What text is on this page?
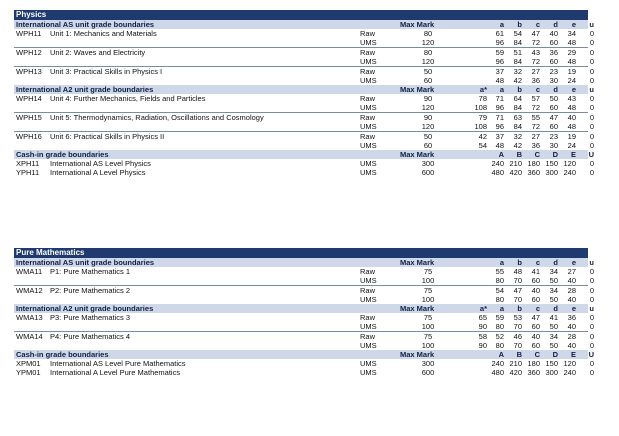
Physics
International AS unit grade boundaries	Max Mark	a	b	c	d	e	u
WPH11 Unit 1: Mechanics and Materials	Raw	80	61	54	47	40	34	0
UMS	120	96	84	72	60	48	0
WPH12 Unit 2: Waves and Electricity	Raw	80	59	51	43	36	29	0
UMS	120	96	84	72	60	48	0
WPH13 Unit 3: Practical Skills in Physics I	Raw	50	37	32	27	23	19	0
UMS	60	48	42	36	30	24	0
International A2 unit grade boundaries	Max Mark	a*	a	b	c	d	e	u
WPH14 Unit 4: Further Mechanics, Fields and Particles	Raw	90	78	71	64	57	50	43	0
UMS	120	108	96	84	72	60	48	0
WPH15 Unit 5: Thermodynamics, Radiation, Oscillations and Cosmology	Raw	90	79	71	63	55	47	40	0
UMS	120	108	96	84	72	60	48	0
WPH16 Unit 6: Practical Skills in Physics II	Raw	50	42	37	32	27	23	19	0
UMS	60	54	48	42	36	30	24	0
Cash-in grade boundaries	Max Mark	A	B	C	D	E	U
XPH11 International AS Level Physics	UMS	300	240 210 180 150 120	0
YPH11 International A Level Physics	UMS	600	480 420 360 300 240	0
Pure Mathematics
International AS unit grade boundaries	Max Mark	a	b	c	d	e	u
WMA11 P1: Pure Mathematics 1	Raw	75	55	48	41	34	27	0
UMS	100	80	70	60	50	40	0
WMA12 P2: Pure Mathematics 2	Raw	75	54	47	40	34	28	0
UMS	100	80	70	60	50	40	0
International A2 unit grade boundaries	Max Mark	a*	a	b	c	d	e	u
WMA13 P3: Pure Mathematics 3	Raw	75	65	59	53	47	41	36	0
UMS	100	90	80	70	60	50	40	0
WMA14 P4: Pure Mathematics 4	Raw	75	58	52	46	40	34	28	0
UMS	100	90	80	70	60	50	40	0
Cash-in grade boundaries	Max Mark	A	B	C	D	E	U
XPM01 International AS Level Pure Mathematics	UMS	300	240 210 180 150 120	0
YPM01 International A Level Pure Mathematics	UMS	600	480 420 360 300 240	0
